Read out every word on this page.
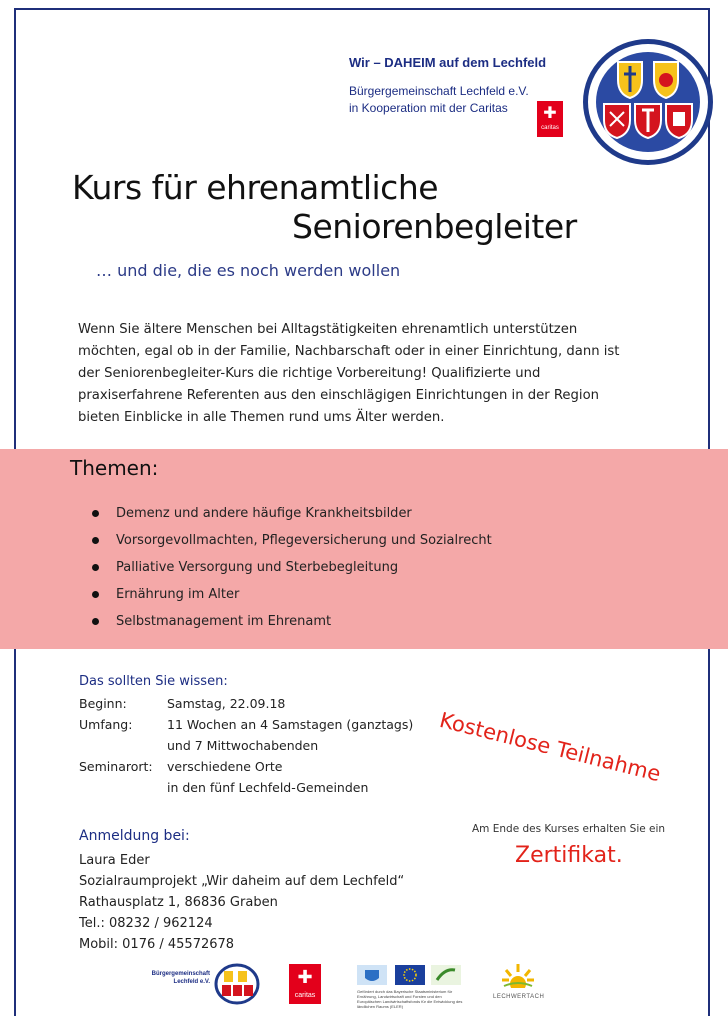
Wir – DAHEIM auf dem Lechfeld
Bürgergemeinschaft Lechfeld e.V.
in Kooperation mit der Caritas	✚
caritas
Kurs für ehrenamtliche
Seniorenbegleiter
… und die, die es noch werden wollen
Wenn Sie ältere Menschen bei Alltagstätigkeiten ehrenamtlich unterstützen möchten, egal ob in der Familie, Nachbarschaft oder in einer Einrichtung, dann ist der Seniorenbegleiter-Kurs die richtige Vorbereitung! Qualifizierte und praxiserfahrene Referenten aus den einschlägigen Einrichtungen in der Region bieten Einblicke in alle Themen rund ums Älter werden.
Themen:
Demenz und andere häufige Krankheitsbilder
Vorsorgevollmachten, Pflegeversicherung und Sozialrecht
Palliative Versorgung und Sterbebegleitung
Ernährung im Alter
Selbstmanagement im Ehrenamt
Das sollten Sie wissen:
Beginn:	Samstag, 22.09.18
Umfang:	11 Wochen an 4 Samstagen (ganztags)
und 7 Mittwochabenden
Seminarort: verschiedene Orte
in den fünf Lechfeld-Gemeinden
Kostenlose Teilnahme
Am Ende des Kurses erhalten Sie ein
Zertifikat.
Anmeldung bei:
Laura Eder
Sozialraumprojekt „Wir daheim auf dem Lechfeld“
Rathausplatz 1, 86836 Graben
Tel.: 08232 / 962124
Mobil: 0176 / 45572678
Bürgergemeinschaft
Lechfeld e.V.	✚
caritas
Gefördert durch das Bayerische Staatsministerium für Ernährung, Landwirtschaft und Forsten und den Europäischen Landwirtschaftsfonds für die Entwicklung des ländlichen Raums (ELER)
LECHWERTACH
